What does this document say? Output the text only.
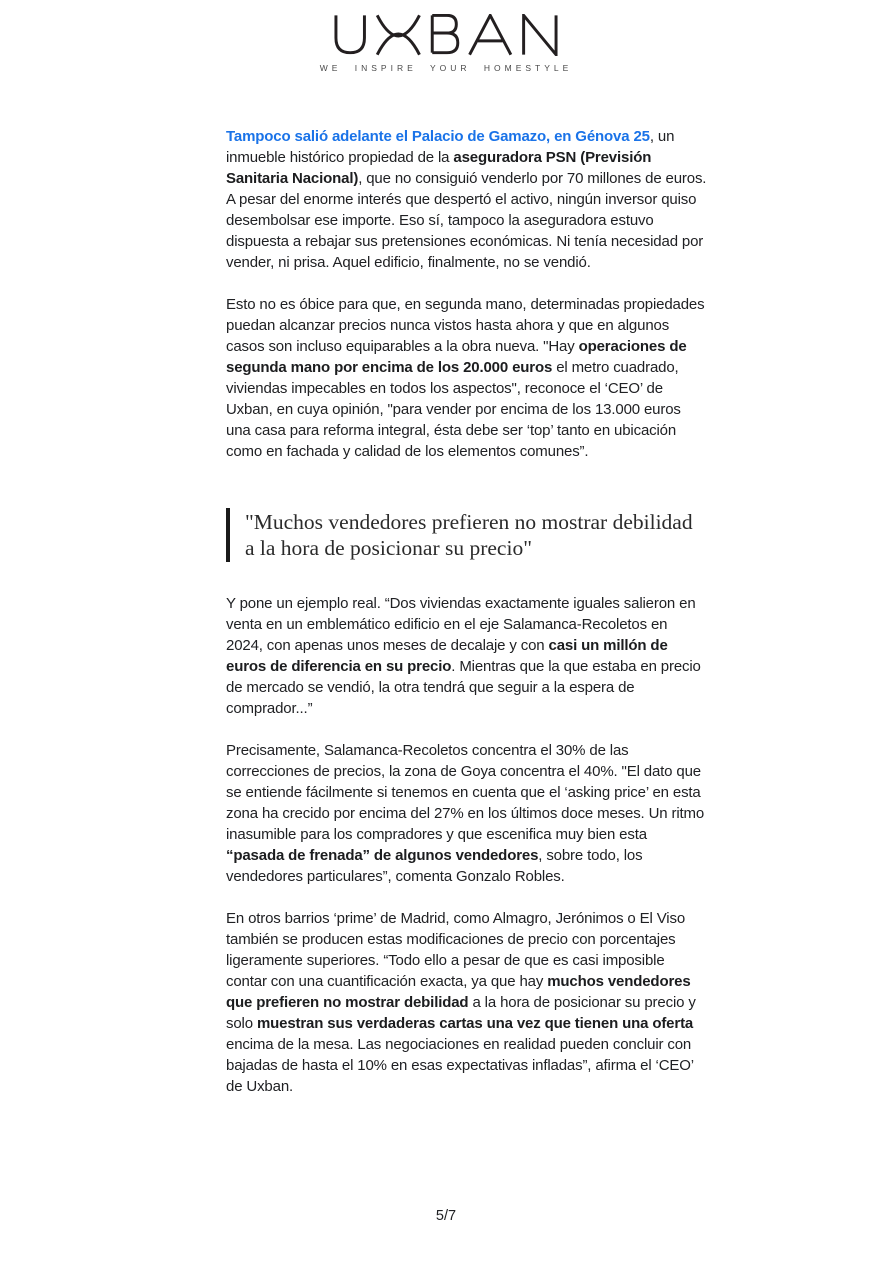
WE INSPIRE YOUR HOMESTYLE

Tampoco salió adelante el Palacio de Gamazo, en Génova 25, un inmueble histórico propiedad de la aseguradora PSN (Previsión Sanitaria Nacional), que no consiguió venderlo por 70 millones de euros. A pesar del enorme interés que despertó el activo, ningún inversor quiso desembolsar ese importe. Eso sí, tampoco la aseguradora estuvo dispuesta a rebajar sus pretensiones económicas. Ni tenía necesidad por vender, ni prisa. Aquel edificio, finalmente, no se vendió.

Esto no es óbice para que, en segunda mano, determinadas propiedades puedan alcanzar precios nunca vistos hasta ahora y que en algunos casos son incluso equiparables a la obra nueva. "Hay operaciones de segunda mano por encima de los 20.000 euros el metro cuadrado, viviendas impecables en todos los aspectos", reconoce el ‘CEO’ de Uxban, en cuya opinión, "para vender por encima de los 13.000 euros una casa para reforma integral, ésta debe ser ‘top’ tanto en ubicación como en fachada y calidad de los elementos comunes”.

"Muchos vendedores prefieren no mostrar debilidad a la hora de posicionar su precio"

Y pone un ejemplo real. “Dos viviendas exactamente iguales salieron en venta en un emblemático edificio en el eje Salamanca-Recoletos en 2024, con apenas unos meses de decalaje y con casi un millón de euros de diferencia en su precio. Mientras que la que estaba en precio de mercado se vendió, la otra tendrá que seguir a la espera de comprador...”

Precisamente, Salamanca-Recoletos concentra el 30% de las correcciones de precios, la zona de Goya concentra el 40%. "El dato que se entiende fácilmente si tenemos en cuenta que el ‘asking price’ en esta zona ha crecido por encima del 27% en los últimos doce meses. Un ritmo inasumible para los compradores y que escenifica muy bien esta “pasada de frenada” de algunos vendedores, sobre todo, los vendedores particulares”, comenta Gonzalo Robles.

En otros barrios ‘prime’ de Madrid, como Almagro, Jerónimos o El Viso también se producen estas modificaciones de precio con porcentajes ligeramente superiores. “Todo ello a pesar de que es casi imposible contar con una cuantificación exacta, ya que hay muchos vendedores que prefieren no mostrar debilidad a la hora de posicionar su precio y solo muestran sus verdaderas cartas una vez que tienen una oferta encima de la mesa. Las negociaciones en realidad pueden concluir con bajadas de hasta el 10% en esas expectativas infladas”, afirma el ‘CEO’ de Uxban.

5/7
